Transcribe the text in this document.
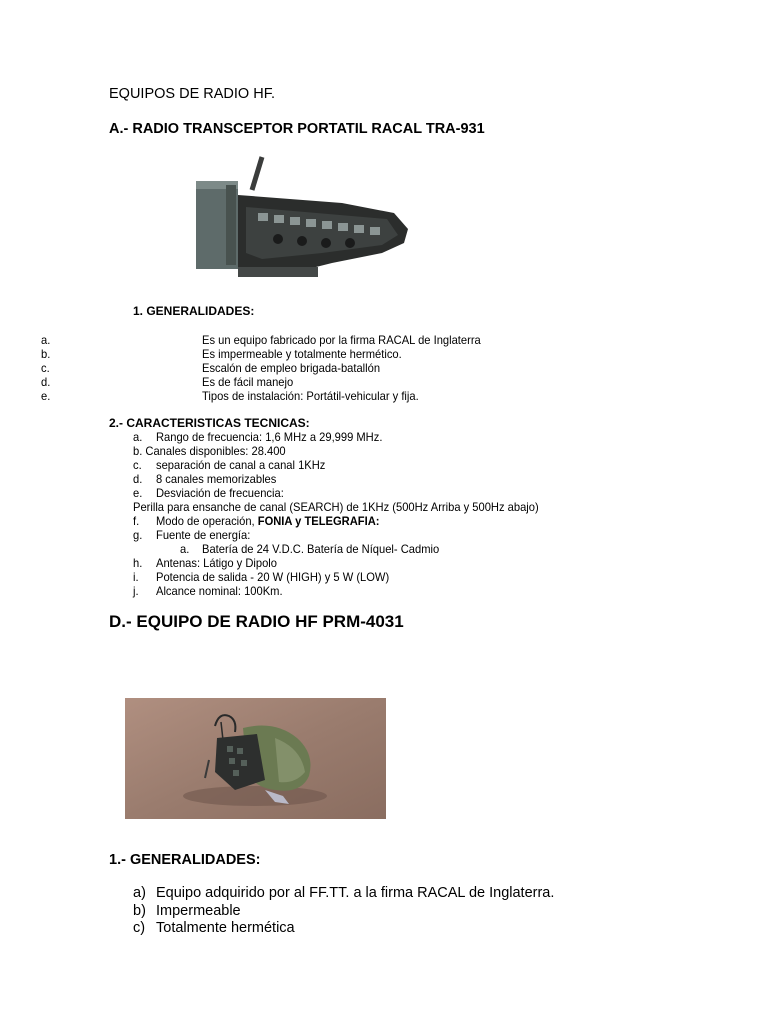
EQUIPOS DE RADIO HF.
A.- RADIO TRANSCEPTOR PORTATIL RACAL TRA-931
1. GENERALIDADES:
a.	Es un equipo fabricado por la firma RACAL de Inglaterra
b.	Es impermeable y totalmente hermético.
c.	Escalón de empleo brigada-batallón
d.	Es de fácil manejo
e.	Tipos de instalación: Portátil-vehicular y fija.
2.- CARACTERISTICAS TECNICAS:
a. Rango de frecuencia: 1,6 MHz a 29,999 MHz.
b. Canales disponibles: 28.400
c. separación de canal a canal 1KHz
d. 8 canales memorizables
e. Desviación de frecuencia:
Perilla para ensanche de canal (SEARCH) de 1KHz (500Hz Arriba y 500Hz abajo)
f. Modo de operación, FONIA y TELEGRAFIA:
g. Fuente de energía:
a. Batería de 24 V.D.C. Batería de Níquel- Cadmio
h. Antenas: Látigo y Dipolo
i. Potencia de salida - 20 W (HIGH) y 5 W (LOW)
j. Alcance nominal: 100Km.
D.- EQUIPO DE RADIO HF PRM-4031
1.- GENERALIDADES:
a) Equipo adquirido por al FF.TT. a la firma RACAL de Inglaterra.
b) Impermeable
c) Totalmente hermética
